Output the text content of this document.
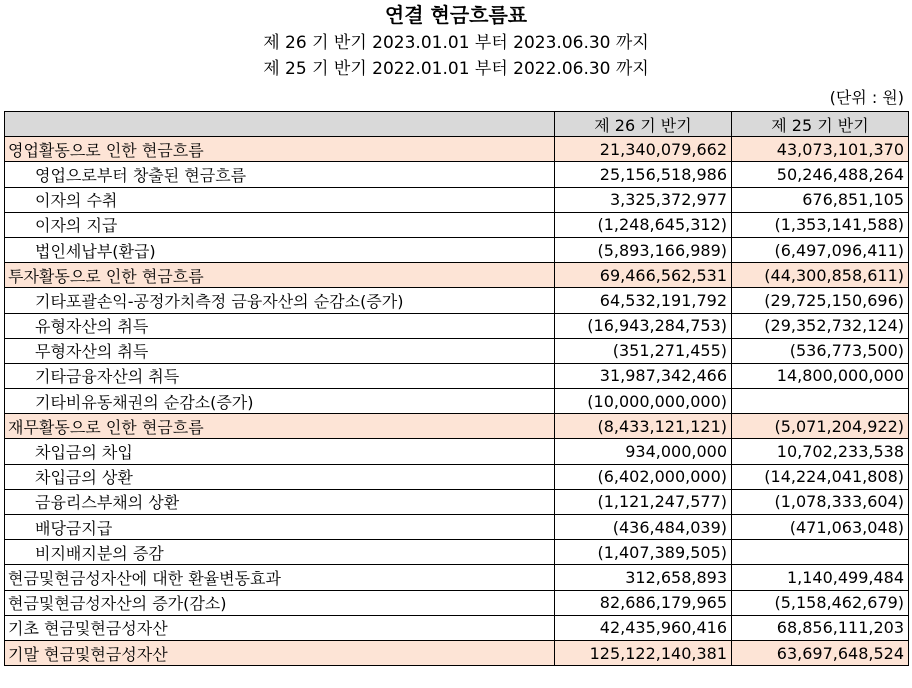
연결 현금흐름표
제 26 기 반기 2023.01.01 부터 2023.06.30 까지
제 25 기 반기 2022.01.01 부터 2022.06.30 까지
(단위 : 원)
	제 26 기 반기	제 25 기 반기
영업활동으로 인한 현금흐름	21,340,079,662	43,073,101,370
영업으로부터 창출된 현금흐름	25,156,518,986	50,246,488,264
이자의 수취	3,325,372,977	676,851,105
이자의 지급	(1,248,645,312)	(1,353,141,588)
법인세납부(환급)	(5,893,166,989)	(6,497,096,411)
투자활동으로 인한 현금흐름	69,466,562,531	(44,300,858,611)
기타포괄손익-공정가치측정 금융자산의 순감소(증가)	64,532,191,792	(29,725,150,696)
유형자산의 취득	(16,943,284,753)	(29,352,732,124)
무형자산의 취득	(351,271,455)	(536,773,500)
기타금융자산의 취득	31,987,342,466	14,800,000,000
기타비유동채권의 순감소(증가)	(10,000,000,000)	
재무활동으로 인한 현금흐름	(8,433,121,121)	(5,071,204,922)
차입금의 차입	934,000,000	10,702,233,538
차입금의 상환	(6,402,000,000)	(14,224,041,808)
금융리스부채의 상환	(1,121,247,577)	(1,078,333,604)
배당금지급	(436,484,039)	(471,063,048)
비지배지분의 증감	(1,407,389,505)	
현금및현금성자산에 대한 환율변동효과	312,658,893	1,140,499,484
현금및현금성자산의 증가(감소)	82,686,179,965	(5,158,462,679)
기초 현금및현금성자산	42,435,960,416	68,856,111,203
기말 현금및현금성자산	125,122,140,381	63,697,648,524
